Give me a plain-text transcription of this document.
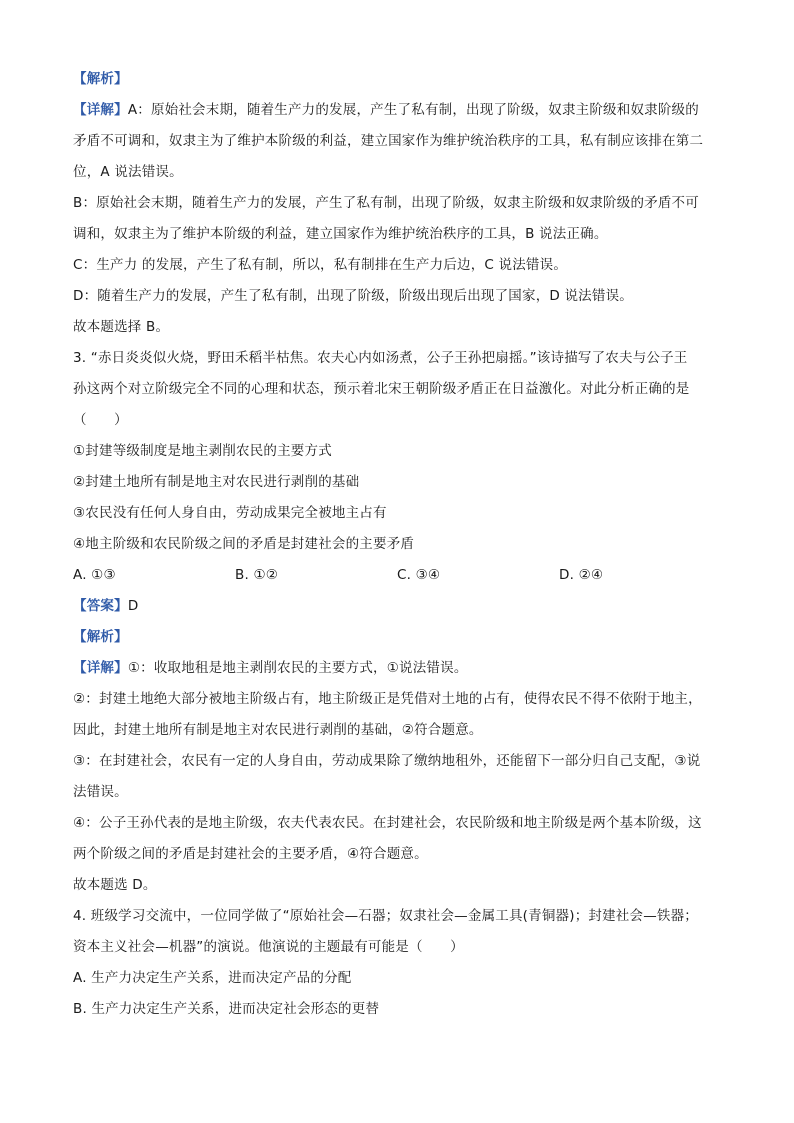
【解析】
【详解】A：原始社会末期，随着生产力的发展，产生了私有制，出现了阶级，奴隶主阶级和奴隶阶级的
矛盾不可调和，奴隶主为了维护本阶级的利益，建立国家作为维护统治秩序的工具，私有制应该排在第二
位，A 说法错误。
B：原始社会末期，随着生产力的发展，产生了私有制，出现了阶级，奴隶主阶级和奴隶阶级的矛盾不可
调和，奴隶主为了维护本阶级的利益，建立国家作为维护统治秩序的工具，B 说法正确。
C：生产力 的发展，产生了私有制，所以，私有制排在生产力后边，C 说法错误。
D：随着生产力的发展，产生了私有制，出现了阶级，阶级出现后出现了国家，D 说法错误。
故本题选择 B。
3. “赤日炎炎似火烧，野田禾稻半枯焦。农夫心内如汤煮，公子王孙把扇摇。”该诗描写了农夫与公子王
孙这两个对立阶级完全不同的心理和状态，预示着北宋王朝阶级矛盾正在日益激化。对此分析正确的是
（　　）
①封建等级制度是地主剥削农民的主要方式
②封建土地所有制是地主对农民进行剥削的基础
③农民没有任何人身自由，劳动成果完全被地主占有
④地主阶级和农民阶级之间的矛盾是封建社会的主要矛盾
A. ①③	B. ①②	C. ③④	D. ②④
【答案】D
【解析】
【详解】①：收取地租是地主剥削农民的主要方式，①说法错误。
②：封建土地绝大部分被地主阶级占有，地主阶级正是凭借对土地的占有，使得农民不得不依附于地主，
因此，封建土地所有制是地主对农民进行剥削的基础，②符合题意。
③：在封建社会，农民有一定的人身自由，劳动成果除了缴纳地租外，还能留下一部分归自己支配，③说
法错误。
④：公子王孙代表的是地主阶级，农夫代表农民。在封建社会，农民阶级和地主阶级是两个基本阶级，这
两个阶级之间的矛盾是封建社会的主要矛盾，④符合题意。
故本题选 D。
4. 班级学习交流中，一位同学做了“原始社会—石器；奴隶社会—金属工具(青铜器)；封建社会—铁器；
资本主义社会—机器”的演说。他演说的主题最有可能是（　　）
A. 生产力决定生产关系，进而决定产品的分配
B. 生产力决定生产关系，进而决定社会形态的更替
